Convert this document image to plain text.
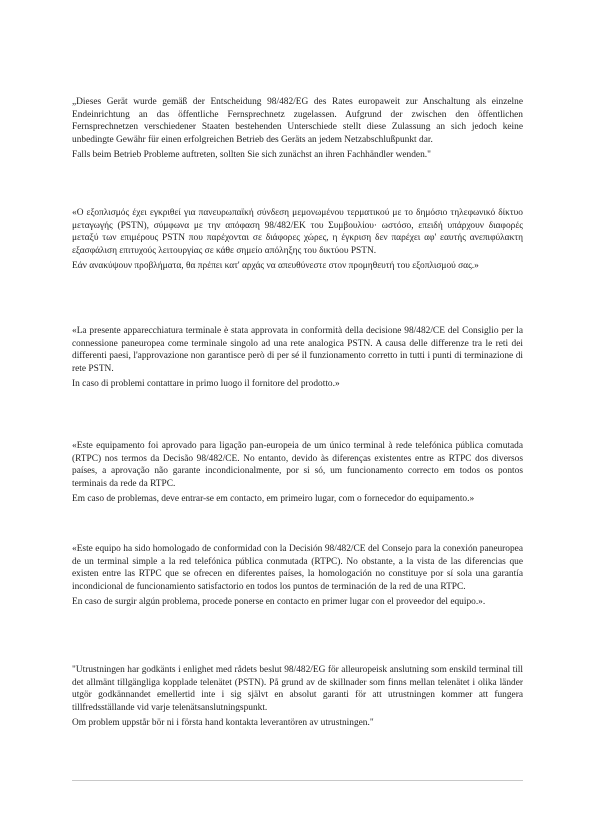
„Dieses Gerät wurde gemäß der Entscheidung 98/482/EG des Rates europaweit zur Anschaltung als einzelne Endeinrichtung an das öffentliche Fernsprechnetz zugelassen. Aufgrund der zwischen den öffentlichen Fernsprechnetzen verschiedener Staaten bestehenden Unterschiede stellt diese Zulassung an sich jedoch keine unbedingte Gewähr für einen erfolgreichen Betrieb des Geräts an jedem Netzabschlußpunkt dar.

Falls beim Betrieb Probleme auftreten, sollten Sie sich zunächst an ihren Fachhändler wenden."

«Ο εξοπλισμός έχει εγκριθεί για πανευρωπαϊκή σύνδεση μεμονωμένου τερματικού με το δημόσιο τηλεφωνικό δίκτυο μεταγωγής (PSTN), σύμφωνα με την απόφαση 98/482/ΕΚ του Συμβουλίου· ωστόσο, επειδή υπάρχουν διαφορές μεταξύ των επιμέρους PSTN που παρέχονται σε διάφορες χώρες, η έγκριση δεν παρέχει αφ' εαυτής ανεπιφύλακτη εξασφάλιση επιτυχούς λειτουργίας σε κάθε σημείο απόληξης του δικτύου PSTN.

Εάν ανακύψουν προβλήματα, θα πρέπει κατ' αρχάς να απευθύνεστε στον προμηθευτή του εξοπλισμού σας.»

«La presente apparecchiatura terminale è stata approvata in conformità della decisione 98/482/CE del Consiglio per la connessione paneuropea come terminale singolo ad una rete analogica PSTN. A causa delle differenze tra le reti dei differenti paesi, l'approvazione non garantisce però di per sé il funzionamento corretto in tutti i punti di terminazione di rete PSTN.

In caso di problemi contattare in primo luogo il fornitore del prodotto.»

«Este equipamento foi aprovado para ligação pan-europeia de um único terminal à rede telefónica pública comutada (RTPC) nos termos da Decisão 98/482/CE. No entanto, devido às diferenças existentes entre as RTPC dos diversos países, a aprovação não garante incondicionalmente, por si só, um funcionamento correcto em todos os pontos terminais da rede da RTPC.

Em caso de problemas, deve entrar-se em contacto, em primeiro lugar, com o fornecedor do equipamento.»

«Este equipo ha sido homologado de conformidad con la Decisión 98/482/CE del Consejo para la conexión paneuropea de un terminal simple a la red telefónica pública conmutada (RTPC). No obstante, a la vista de las diferencias que existen entre las RTPC que se ofrecen en diferentes países, la homologación no constituye por sí sola una garantía incondicional de funcionamiento satisfactorio en todos los puntos de terminación de la red de una RTPC.

En caso de surgir algún problema, procede ponerse en contacto en primer lugar con el proveedor del equipo.».

"Utrustningen har godkänts i enlighet med rådets beslut 98/482/EG för alleuropeisk anslutning som enskild terminal till det allmänt tillgängliga kopplade telenätet (PSTN). På grund av de skillnader som finns mellan telenätet i olika länder utgör godkännandet emellertid inte i sig självt en absolut garanti för att utrustningen kommer att fungera tillfredsställande vid varje telenätsanslutningspunkt.

Om problem uppstår bör ni i första hand kontakta leverantören av utrustningen."
